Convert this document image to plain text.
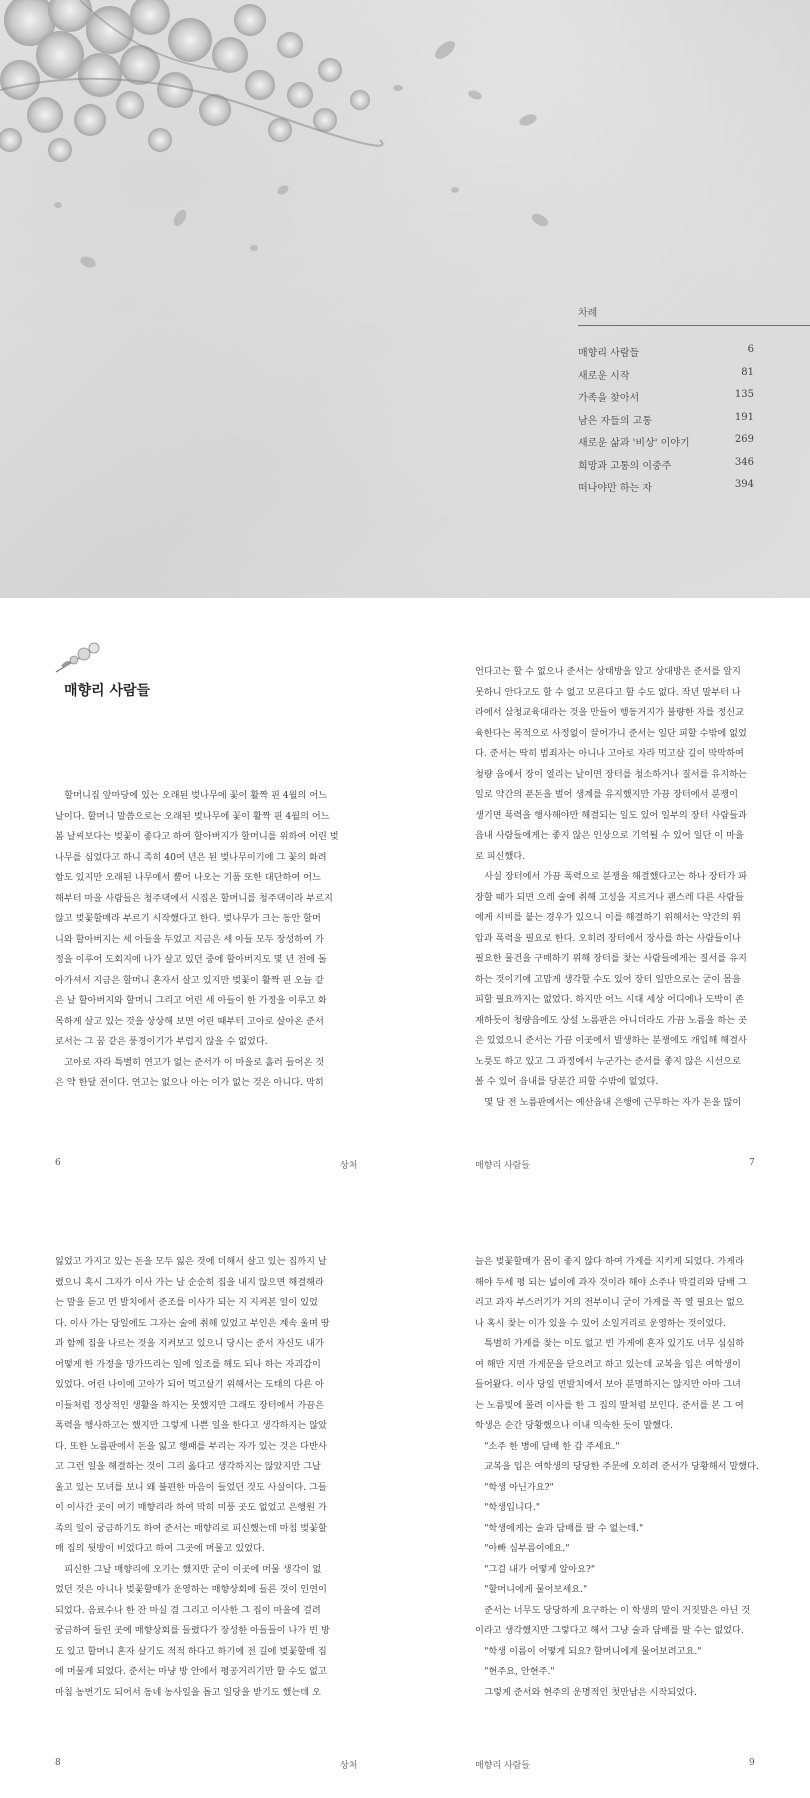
차례
매향리 사람들	6
새로운 시작	81
가족을 찾아서	135
남은 자들의 고통	191
새로운 삶과 '비상' 이야기	269
희망과 고통의 이중주	346
떠나야만 하는 자	394
매향리 사람들

할머니집 앞마당에 있는 오래된 벚나무에 꽃이 활짝 핀 4월의 어느

날이다. 할머니 말씀으로는 오래된 벚나무에 꽃이 활짝 핀 4월의 어느

봄 날씨보다는 벚꽃이 좋다고 하여 할아버지가 할머니를 위하여 어린 벚

나무를 심었다고 하니 족히 40여 년은 된 벚나무이기에 그 꽃의 화려

함도 있지만 오래된 나무에서 뿜어 나오는 기품 또한 대단하여 어느

해부터 마을 사람들은 청주댁에서 시집온 할머니를 청주댁이라 부르지

않고 벚꽃할매라 부르기 시작했다고 한다. 벚나무가 크는 동안 할머

니와 할아버지는 세 아들을 두었고 지금은 세 아들 모두 장성하여 가

정을 이루어 도회지에 나가 살고 있던 중에 할아버지도 몇 년 전에 돌

아가셔서 지금은 할머니 혼자서 살고 있지만 벚꽃이 활짝 핀 오늘 같

은 날 할아버지와 할머니 그리고 어린 세 아들이 한 가정을 이루고 화

목하게 살고 있는 것을 상상해 보면 어린 때부터 고아로 살아온 준서

로서는 그 꿈 같은 풍경이기가 부럽지 않을 수 없었다.

고아로 자라 특별히 연고가 없는 준서가 이 마을로 흘러 들어온 것

은 약 한달 전이다. 연고는 없으나 아는 이가 없는 것은 아니다. 막히

6	상처

언다고는 할 수 없으나 준서는 상태방을 알고 상대방은 준서를 알지

못하니 안다고도 할 수 없고 모른다고 할 수도 없다. 작년 말부터 나

라에서 삼청교육대라는 것을 만들어 행동거지가 불량한 자를 정신교

육한다는 목적으로 사정없이 끌어가니 준서는 일단 피할 수밖에 없었

다. 준서는 딱히 범죄자는 아니나 고아로 자라 먹고살 길이 막막하여

청량 읍에서 장이 열리는 날이면 장터를 청소하거나 질서를 유지하는

일로 약간의 푼돈을 벌어 생계를 유지했지만 가끔 장터에서 분쟁이

생기면 폭력을 행사해야만 해결되는 일도 있어 일부의 장터 사람들과

읍내 사람들에게는 좋지 않은 인상으로 기억될 수 있어 일단 이 마을

로 피신했다.

사실 장터에서 가끔 폭력으로 분쟁을 해결했다고는 하나 장터가 파

장할 때가 되면 으레 술에 취해 고성을 지르거나 괜스레 다른 사람들

에게 시비를 붙는 경우가 있으니 이를 해결하기 위해서는 약간의 위

압과 폭력을 필요로 한다. 오히려 장터에서 장사를 하는 사람들이나

필요한 물건을 구매하기 위해 장터를 찾는 사람들에게는 질서를 유지

하는 것이기에 고맙게 생각할 수도 있어 장터 일만으로는 굳이 몸을

피할 필요까지는 없었다. 하지만 어느 시대 세상 어디에나 도박이 존

재하듯이 청량읍에도 상설 노름판은 아니더라도 가끔 노름을 하는 곳

은 있었으니 준서는 가끔 이곳에서 발생하는 분쟁에도 개입해 해결사

노릇도 하고 있고 그 과정에서 누군가는 준서를 좋지 않은 시선으로

볼 수 있어 읍내를 당분간 피할 수밖에 없었다.

몇 달 전 노름판에서는 예산읍내 은행에 근무하는 자가 돈을 많이

매향리 사람들	7

잃었고 가지고 있는 돈을 모두 잃은 것에 더해서 살고 있는 집까지 날

렸으니 혹시 그자가 이사 가는 날 순순히 집을 내지 않으면 해결해라

는 말을 듣고 먼 발치에서 준조를 이사가 되는 지 지켜본 일이 있었

다. 이사 가는 당일에도 그자는 술에 취해 있었고 부인은 계속 울며 땅

과 함께 집을 나르는 것을 지켜보고 있으니 당시는 준서 자신도 내가

어떻게 한 가정을 망가뜨리는 일에 일조를 해도 되나 하는 자괴감이

있었다. 어린 나이에 고아가 되어 먹고살기 위해서는 도태의 다른 아

이들처럼 정상적인 생활을 하지는 못했지만 그래도 장터에서 가끔은

폭력을 행사하고는 했지만 그렇게 나쁜 일을 한다고 생각하지는 않았

다. 또한 노름판에서 돈을 잃고 행패를 부리는 자가 있는 것은 다반사

고 그런 일을 해결하는 것이 그리 옳다고 생각하지는 않았지만 그날

울고 있는 모녀를 보니 왜 불편한 마음이 들었던 것도 사실이다. 그들

이 이사간 곳이 여기 매향리라 하여 막히 미풍 곳도 없었고 은행원 가

족의 일이 궁금하기도 하여 준서는 매향리로 피신했는데 마침 벚꽃할

매 집의 뒷방이 비었다고 하여 그곳에 머물고 있었다.

피신한 그날 매향리에 오기는 했지만 굳이 이곳에 머물 생각이 없

었던 것은 아니나 벚꽃할매가 운영하는 매향상회에 들른 것이 인연이

되었다. 음료수나 한 잔 마실 겸 그리고 이사한 그 집이 마을에 걸려

궁금하여 들린 곳에 매향상회를 들렸다가 장성한 아들들이 나가 빈 방

도 있고 할머니 혼자 살기도 적적 하다고 하기에 전 길에 벚꽃할매 집

에 머물게 되었다. 준서는 마냥 방 안에서 평공거리기만 할 수도 없고

마침 농번기도 되어서 동네 농사일을 돕고 일당을 받기도 했는데 오

8	상처

늘은 벚꽃할매가 몸이 좋지 않다 하여 가게를 지키게 되었다. 가게라

해야 두세 평 되는 넓이에 과자 것이라 해야 소주나 막걸리와 담배 그

리고 과자 부스러기가 거의 전부이니 굳이 가게를 꼭 열 필요는 없으

나 혹시 찾는 이가 있을 수 있어 소일거리로 운영하는 것이었다.

특별히 가게를 찾는 이도 없고 빈 가게에 혼자 있기도 너무 심심하

여 해만 지면 가게문을 닫으려고 하고 있는데 교복을 입은 여학생이

들어왔다. 이사 당일 먼발치에서 보아 분명하지는 않지만 아마 그녀

는 노름빚에 몰려 이사를 한 그 집의 딸처럼 보인다. 준서를 본 그 여

학생은 순간 당황했으나 이내 익숙한 듯이 말했다.

"소주 한 병에 담배 한 갑 주세요."

교복을 입은 여학생의 당당한 주문에 오히려 준서가 당황해서 말했다.

"학생 아닌가요?"

"학생입니다."

"학생에게는 술과 담배를 팔 수 없는데."

"아빠 심부름이에요."

"그걸 내가 어떻게 알아요?"

"할머니에게 물어보세요."

준서는 너무도 당당하게 요구하는 이 학생의 말이 거짓말은 아닌 것

이라고 생각했지만 그렇다고 해서 그냥 술과 담배를 팔 수는 없었다.

"학생 이름이 어떻게 되요? 할머니에게 물어보려고요."

"현주요, 안현주."

그렇게 준서와 현주의 운명적인 첫만남은 시작되었다.

매향리 사람들	9
